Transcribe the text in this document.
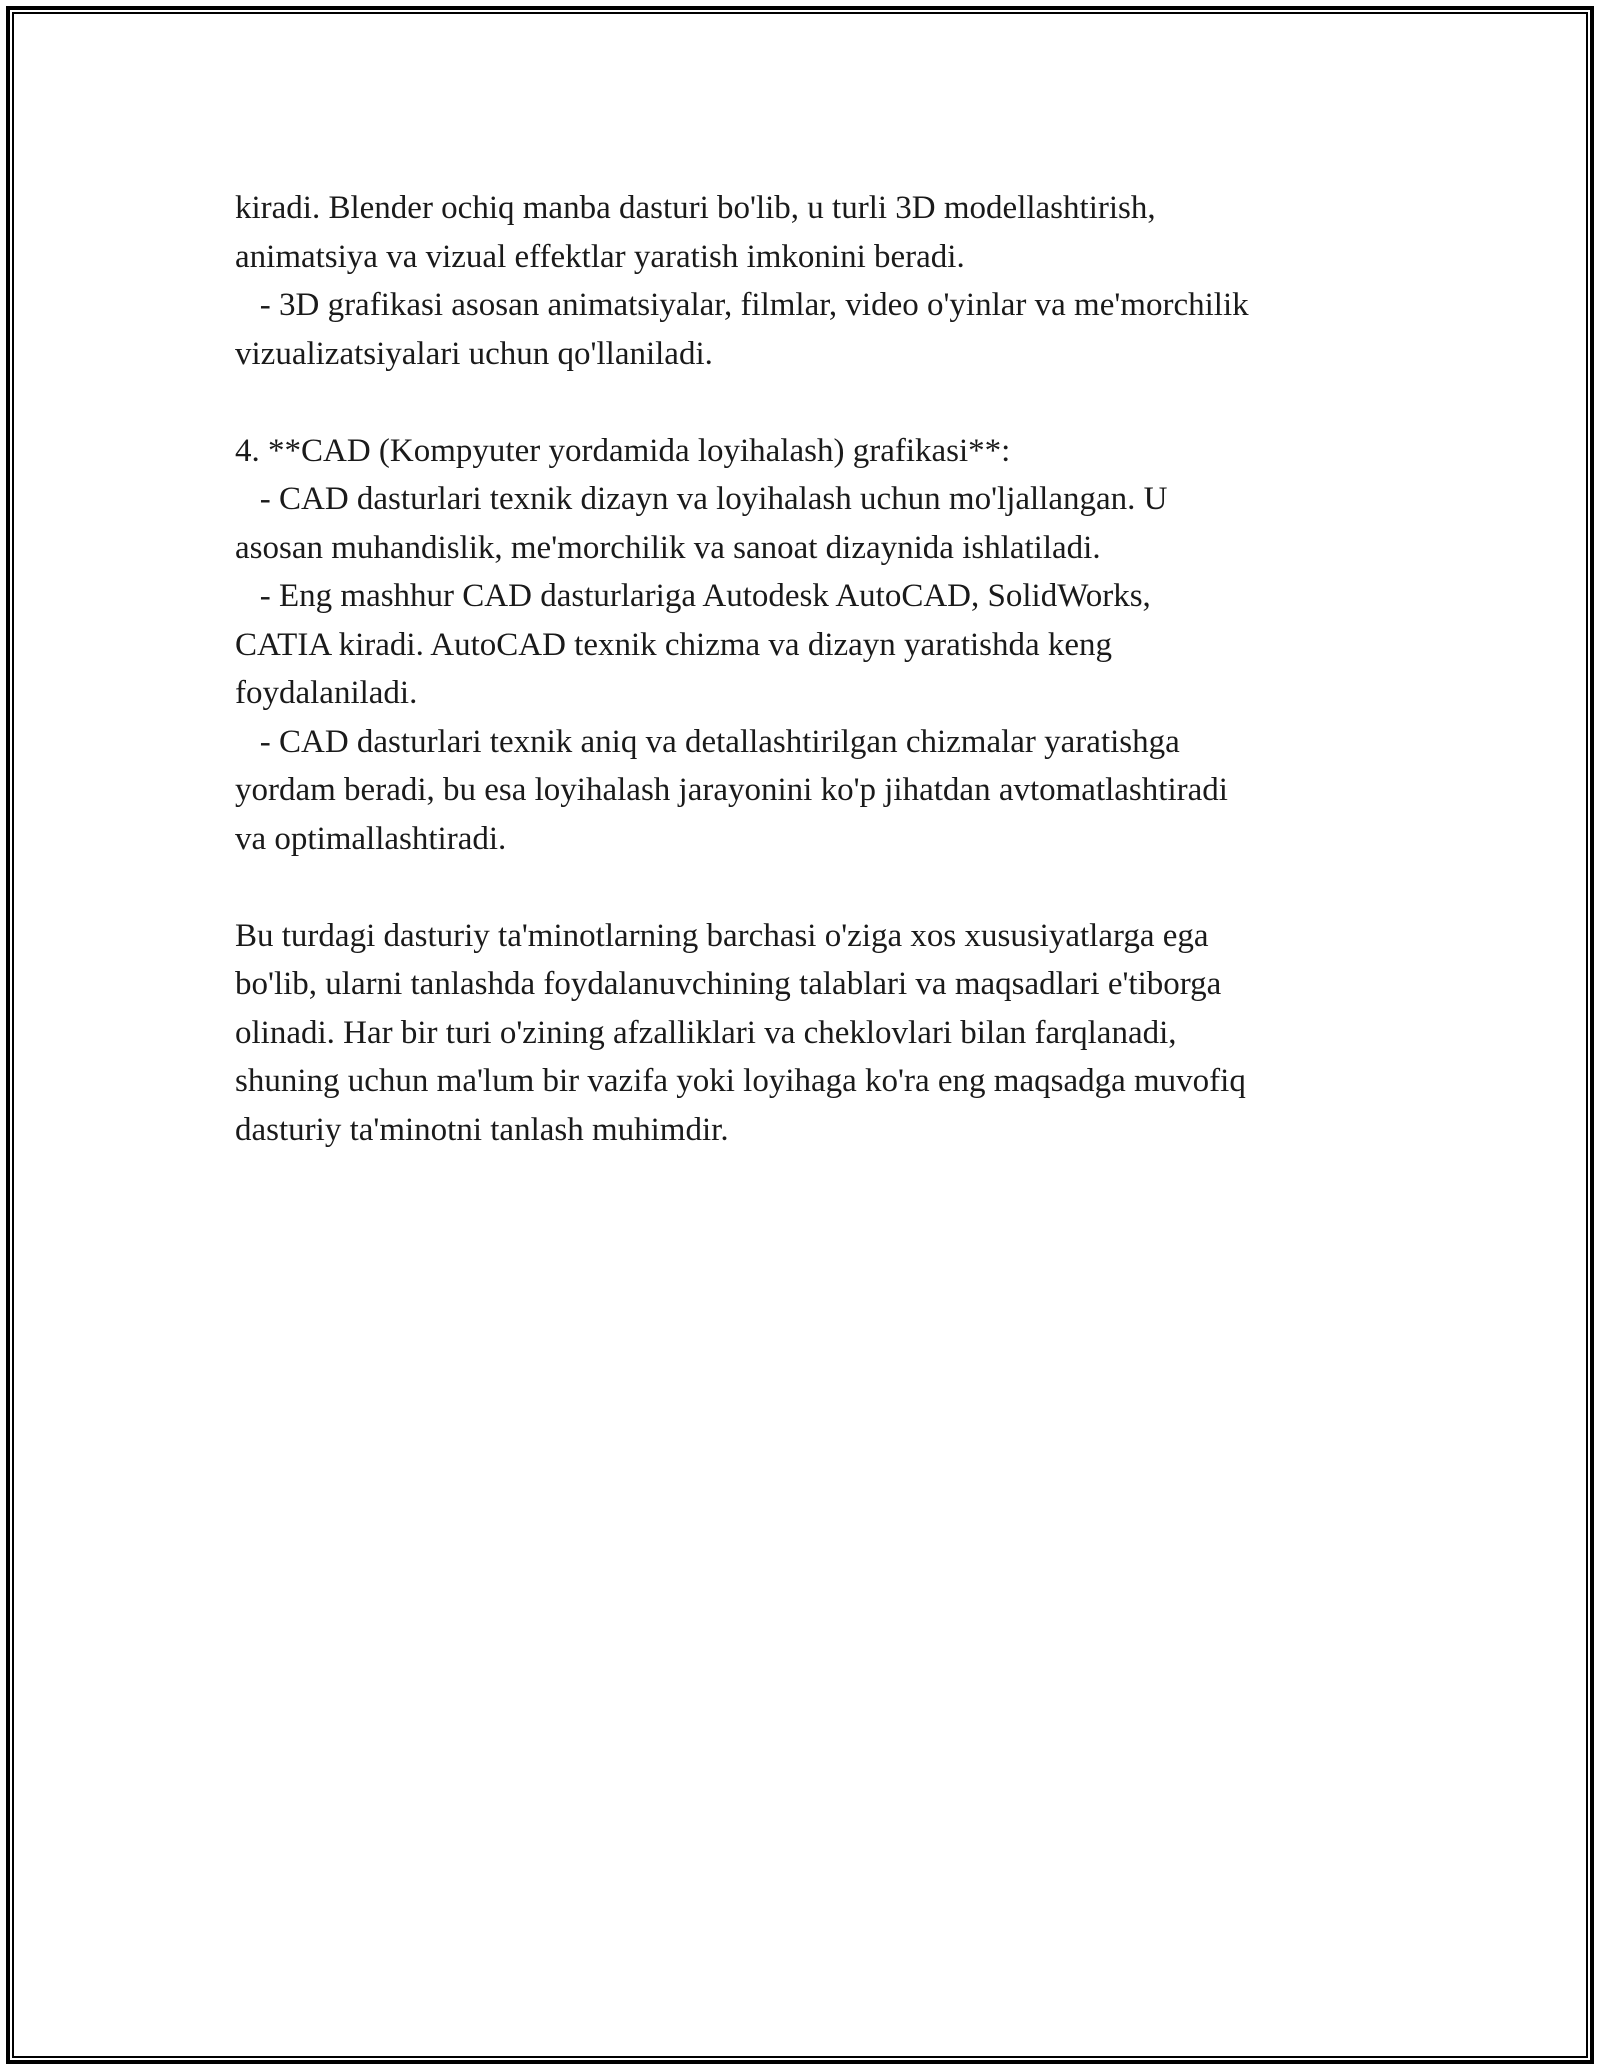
kiradi. Blender ochiq manba dasturi bo'lib, u turli 3D modellashtirish,
animatsiya va vizual effektlar yaratish imkonini beradi.
- 3D grafikasi asosan animatsiyalar, filmlar, video o'yinlar va me'morchilik
vizualizatsiyalari uchun qo'llaniladi.
4. **CAD (Kompyuter yordamida loyihalash) grafikasi**:
- CAD dasturlari texnik dizayn va loyihalash uchun mo'ljallangan. U
asosan muhandislik, me'morchilik va sanoat dizaynida ishlatiladi.
- Eng mashhur CAD dasturlariga Autodesk AutoCAD, SolidWorks,
CATIA kiradi. AutoCAD texnik chizma va dizayn yaratishda keng
foydalaniladi.
- CAD dasturlari texnik aniq va detallashtirilgan chizmalar yaratishga
yordam beradi, bu esa loyihalash jarayonini ko'p jihatdan avtomatlashtiradi
va optimallashtiradi.
Bu turdagi dasturiy ta'minotlarning barchasi o'ziga xos xususiyatlarga ega
bo'lib, ularni tanlashda foydalanuvchining talablari va maqsadlari e'tiborga
olinadi. Har bir turi o'zining afzalliklari va cheklovlari bilan farqlanadi,
shuning uchun ma'lum bir vazifa yoki loyihaga ko'ra eng maqsadga muvofiq
dasturiy ta'minotni tanlash muhimdir.
